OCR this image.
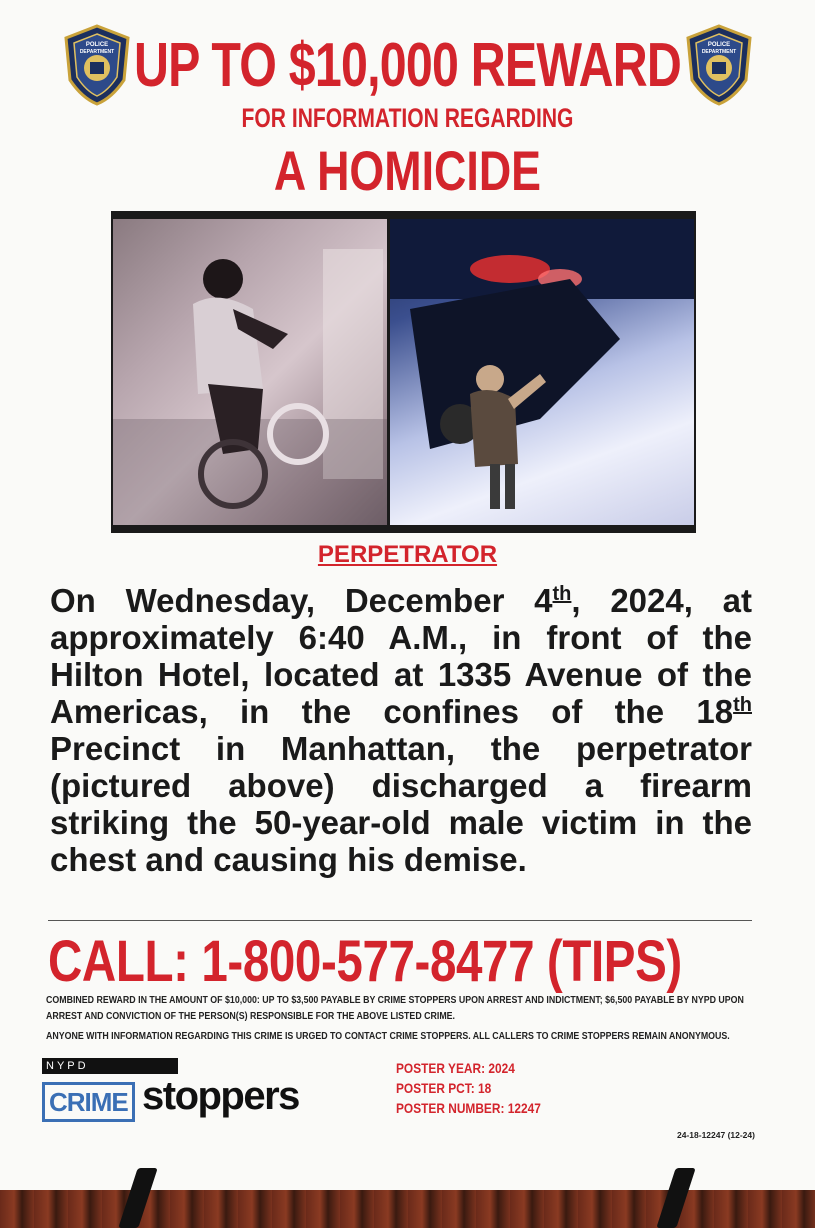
POLICE
DEPARTMENT
POLICE
DEPARTMENT
UP TO $10,000 REWARD
FOR INFORMATION REGARDING
A HOMICIDE
PERPETRATOR
On Wednesday, December 4th, 2024, at approximately 6:40 A.M., in front of the Hilton Hotel, located at 1335 Avenue of the Americas, in the confines of the 18th Precinct in Manhattan, the perpetrator (pictured above) discharged a firearm striking the 50-year-old male victim in the chest and causing his demise.
CALL: 1-800-577-8477 (TIPS)
COMBINED REWARD IN THE AMOUNT OF $10,000: UP TO $3,500 PAYABLE BY CRIME STOPPERS UPON ARREST AND INDICTMENT; $6,500 PAYABLE BY NYPD UPON
ARREST AND CONVICTION OF THE PERSON(S) RESPONSIBLE FOR THE ABOVE LISTED CRIME.
ANYONE WITH INFORMATION REGARDING THIS CRIME IS URGED TO CONTACT CRIME STOPPERS. ALL CALLERS TO CRIME STOPPERS REMAIN ANONYMOUS.
NYPD
CRIME stoppers
POSTER YEAR: 2024
POSTER PCT: 18
POSTER NUMBER: 12247
24-18-12247 (12-24)
